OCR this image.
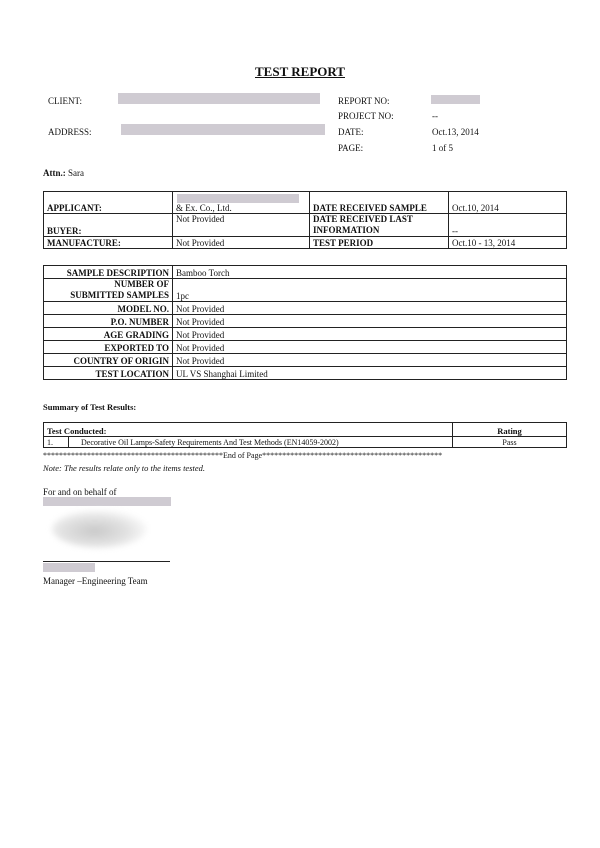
TEST REPORT
CLIENT:
ADDRESS:
REPORT NO:
PROJECT NO:	--
DATE:	Oct.13, 2014
PAGE:	1 of 5
Attn.: Sara
APPLICANT:	& Ex. Co., Ltd.	DATE RECEIVED SAMPLE	Oct.10, 2014
BUYER:	Not Provided	DATE RECEIVED LAST
INFORMATION	--
MANUFACTURE:	Not Provided	TEST PERIOD	Oct.10 - 13, 2014
SAMPLE DESCRIPTION	Bamboo Torch

NUMBER OF
SUBMITTED SAMPLES	1pc
MODEL NO.	Not Provided
P.O. NUMBER	Not Provided
AGE GRADING	Not Provided
EXPORTED TO	Not Provided
COUNTRY OF ORIGIN	Not Provided
TEST LOCATION	UL VS Shanghai Limited
Summary of Test Results:
Test Conducted:		Rating
1.	Decorative Oil Lamps-Safety Requirements And Test Methods (EN14059-2002)	Pass
*********************************************End of Page*********************************************
Note: The results relate only to the items tested.
For and on behalf of
Manager –Engineering Team
